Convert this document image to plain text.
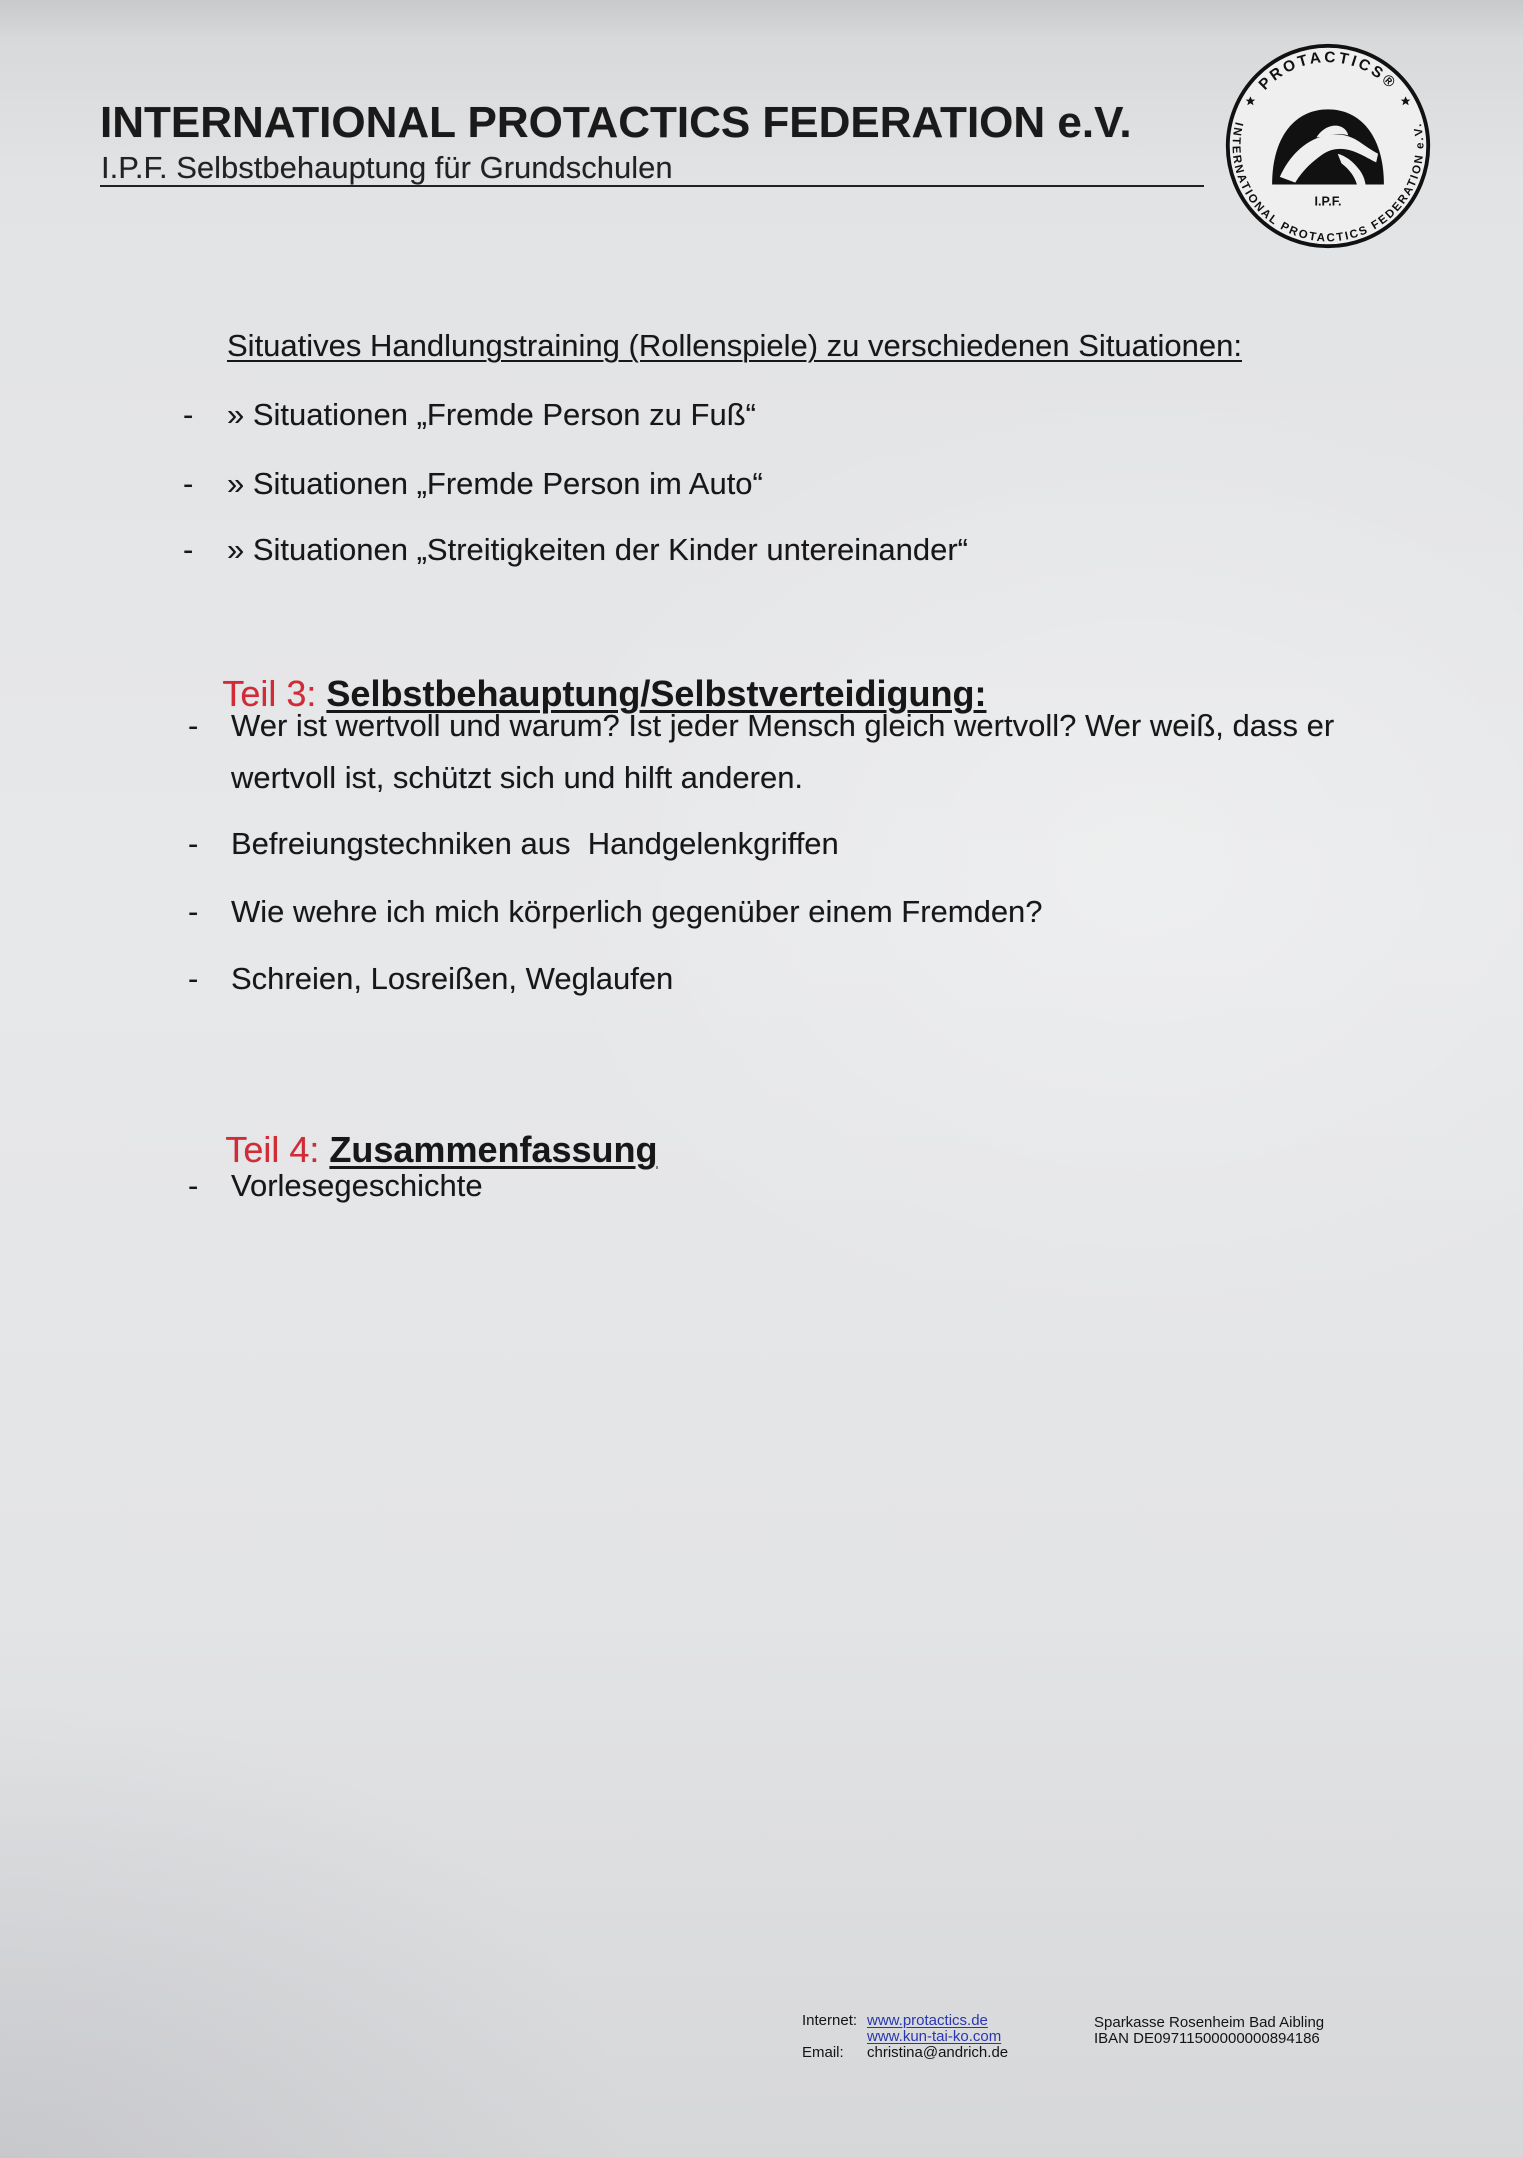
INTERNATIONAL PROTACTICS FEDERATION e.V.
I.P.F. Selbstbehauptung für Grundschulen
PROTACTICS®
INTERNATIONAL PROTACTICS FEDERATION e.V.
I.P.F.
Situatives Handlungstraining (Rollenspiele) zu verschiedenen Situationen:
- » Situationen „Fremde Person zu Fuß“
- » Situationen „Fremde Person im Auto“
- » Situationen „Streitigkeiten der Kinder untereinander“

Teil 3: Selbstbehauptung/Selbstverteidigung:

- Wer ist wertvoll und warum? Ist jeder Mensch gleich wertvoll? Wer weiß, dass er
wertvoll ist, schützt sich und hilft anderen.
- Befreiungstechniken aus  Handgelenkgriffen
- Wie wehre ich mich körperlich gegenüber einem Fremden?
- Schreien, Losreißen, Weglaufen

Teil 4: Zusammenfassung

- Vorlesegeschichte
Internet: www.protactics.de
www.kun-tai-ko.com
Email: christina@andrich.de
Sparkasse Rosenheim Bad Aibling
IBAN DE09711500000000894186
